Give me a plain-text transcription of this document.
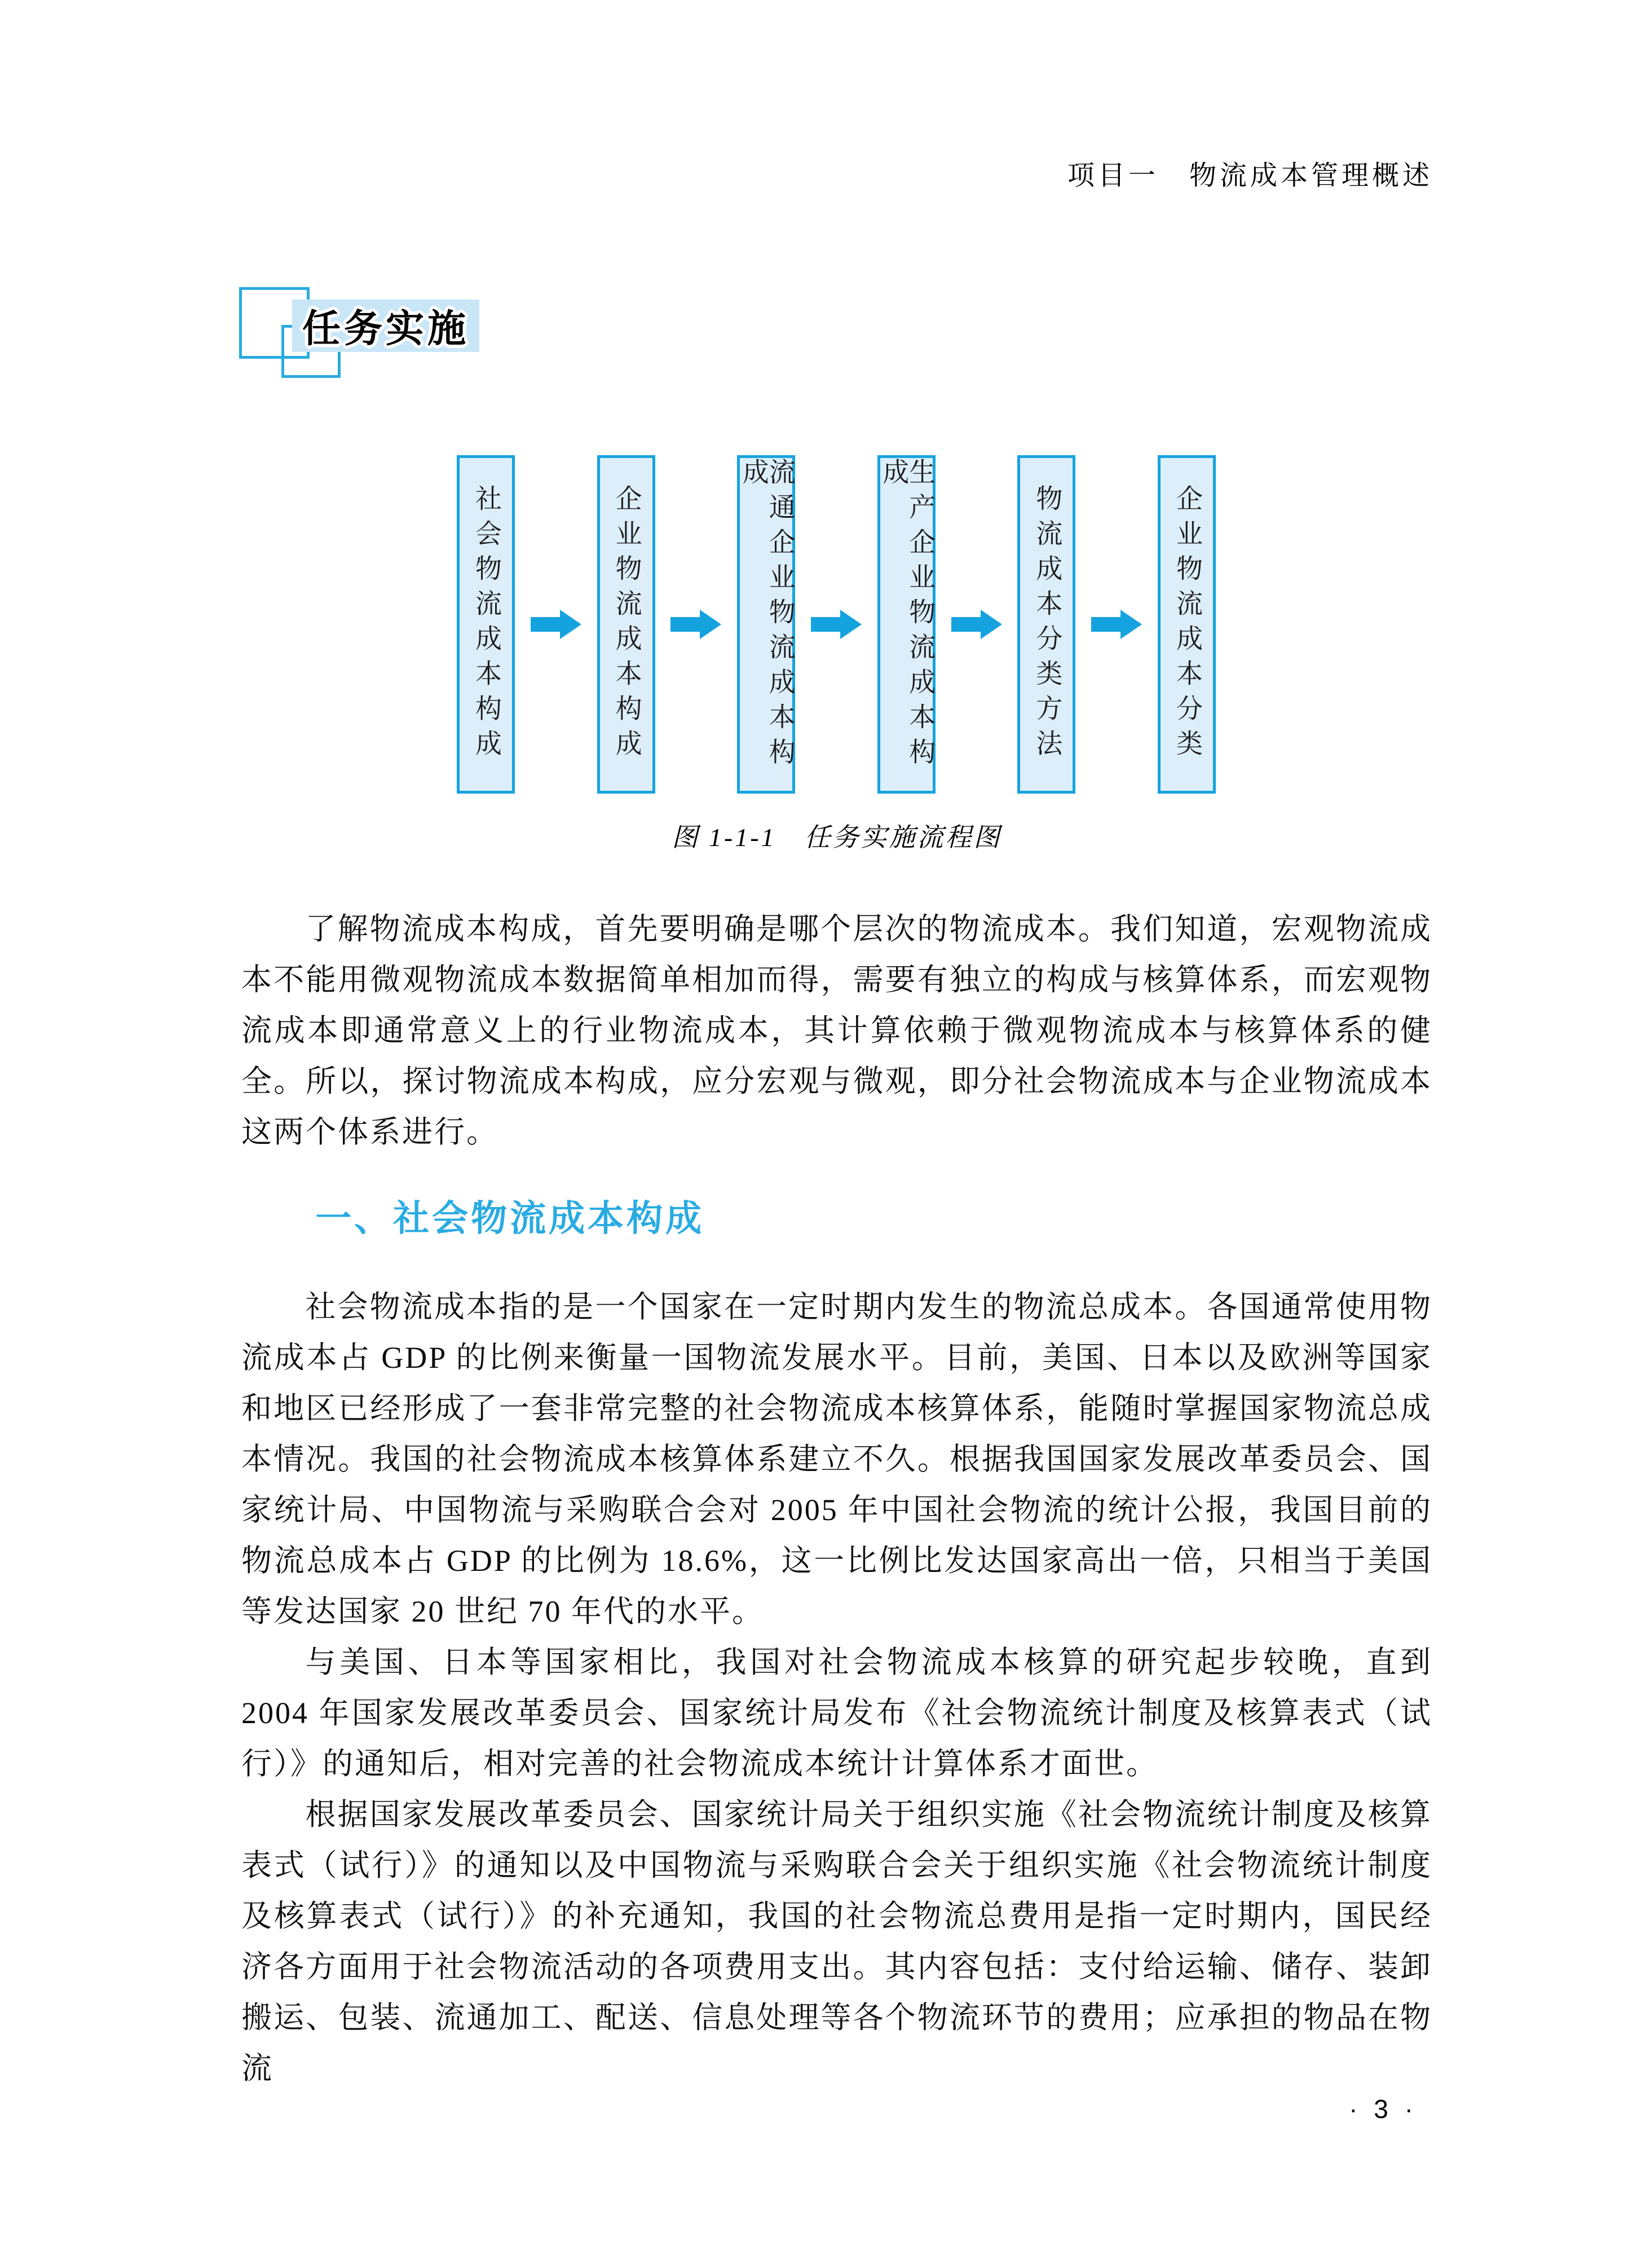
项目一　物流成本管理概述
任务实施
社会物流成本构成	企业物流成本构成	流通企业物流成本构成	生产企业物流成本构成
物流成本分类方法	企业物流成本分类
图 1-1-1　任务实施流程图

了解物流成本构成，首先要明确是哪个层次的物流成本。我们知道，宏观物流成本不能用微观物流成本数据简单相加而得，需要有独立的构成与核算体系，而宏观物流成本即通常意义上的行业物流成本，其计算依赖于微观物流成本与核算体系的健全。所以，探讨物流成本构成，应分宏观与微观，即分社会物流成本与企业物流成本这两个体系进行。

一、社会物流成本构成

社会物流成本指的是一个国家在一定时期内发生的物流总成本。各国通常使用物流成本占 GDP 的比例来衡量一国物流发展水平。目前，美国、日本以及欧洲等国家和地区已经形成了一套非常完整的社会物流成本核算体系，能随时掌握国家物流总成本情况。我国的社会物流成本核算体系建立不久。根据我国国家发展改革委员会、国家统计局、中国物流与采购联合会对 2005 年中国社会物流的统计公报，我国目前的物流总成本占 GDP 的比例为 18.6%，这一比例比发达国家高出一倍，只相当于美国等发达国家 20 世纪 70 年代的水平。

与美国、日本等国家相比，我国对社会物流成本核算的研究起步较晚，直到 2004 年国家发展改革委员会、国家统计局发布《社会物流统计制度及核算表式（试行）》的通知后，相对完善的社会物流成本统计计算体系才面世。

根据国家发展改革委员会、国家统计局关于组织实施《社会物流统计制度及核算表式（试行）》的通知以及中国物流与采购联合会关于组织实施《社会物流统计制度及核算表式（试行）》的补充通知，我国的社会物流总费用是指一定时期内，国民经济各方面用于社会物流活动的各项费用支出。其内容包括：支付给运输、储存、装卸搬运、包装、流通加工、配送、信息处理等各个物流环节的费用；应承担的物品在物流

· 3 ·
